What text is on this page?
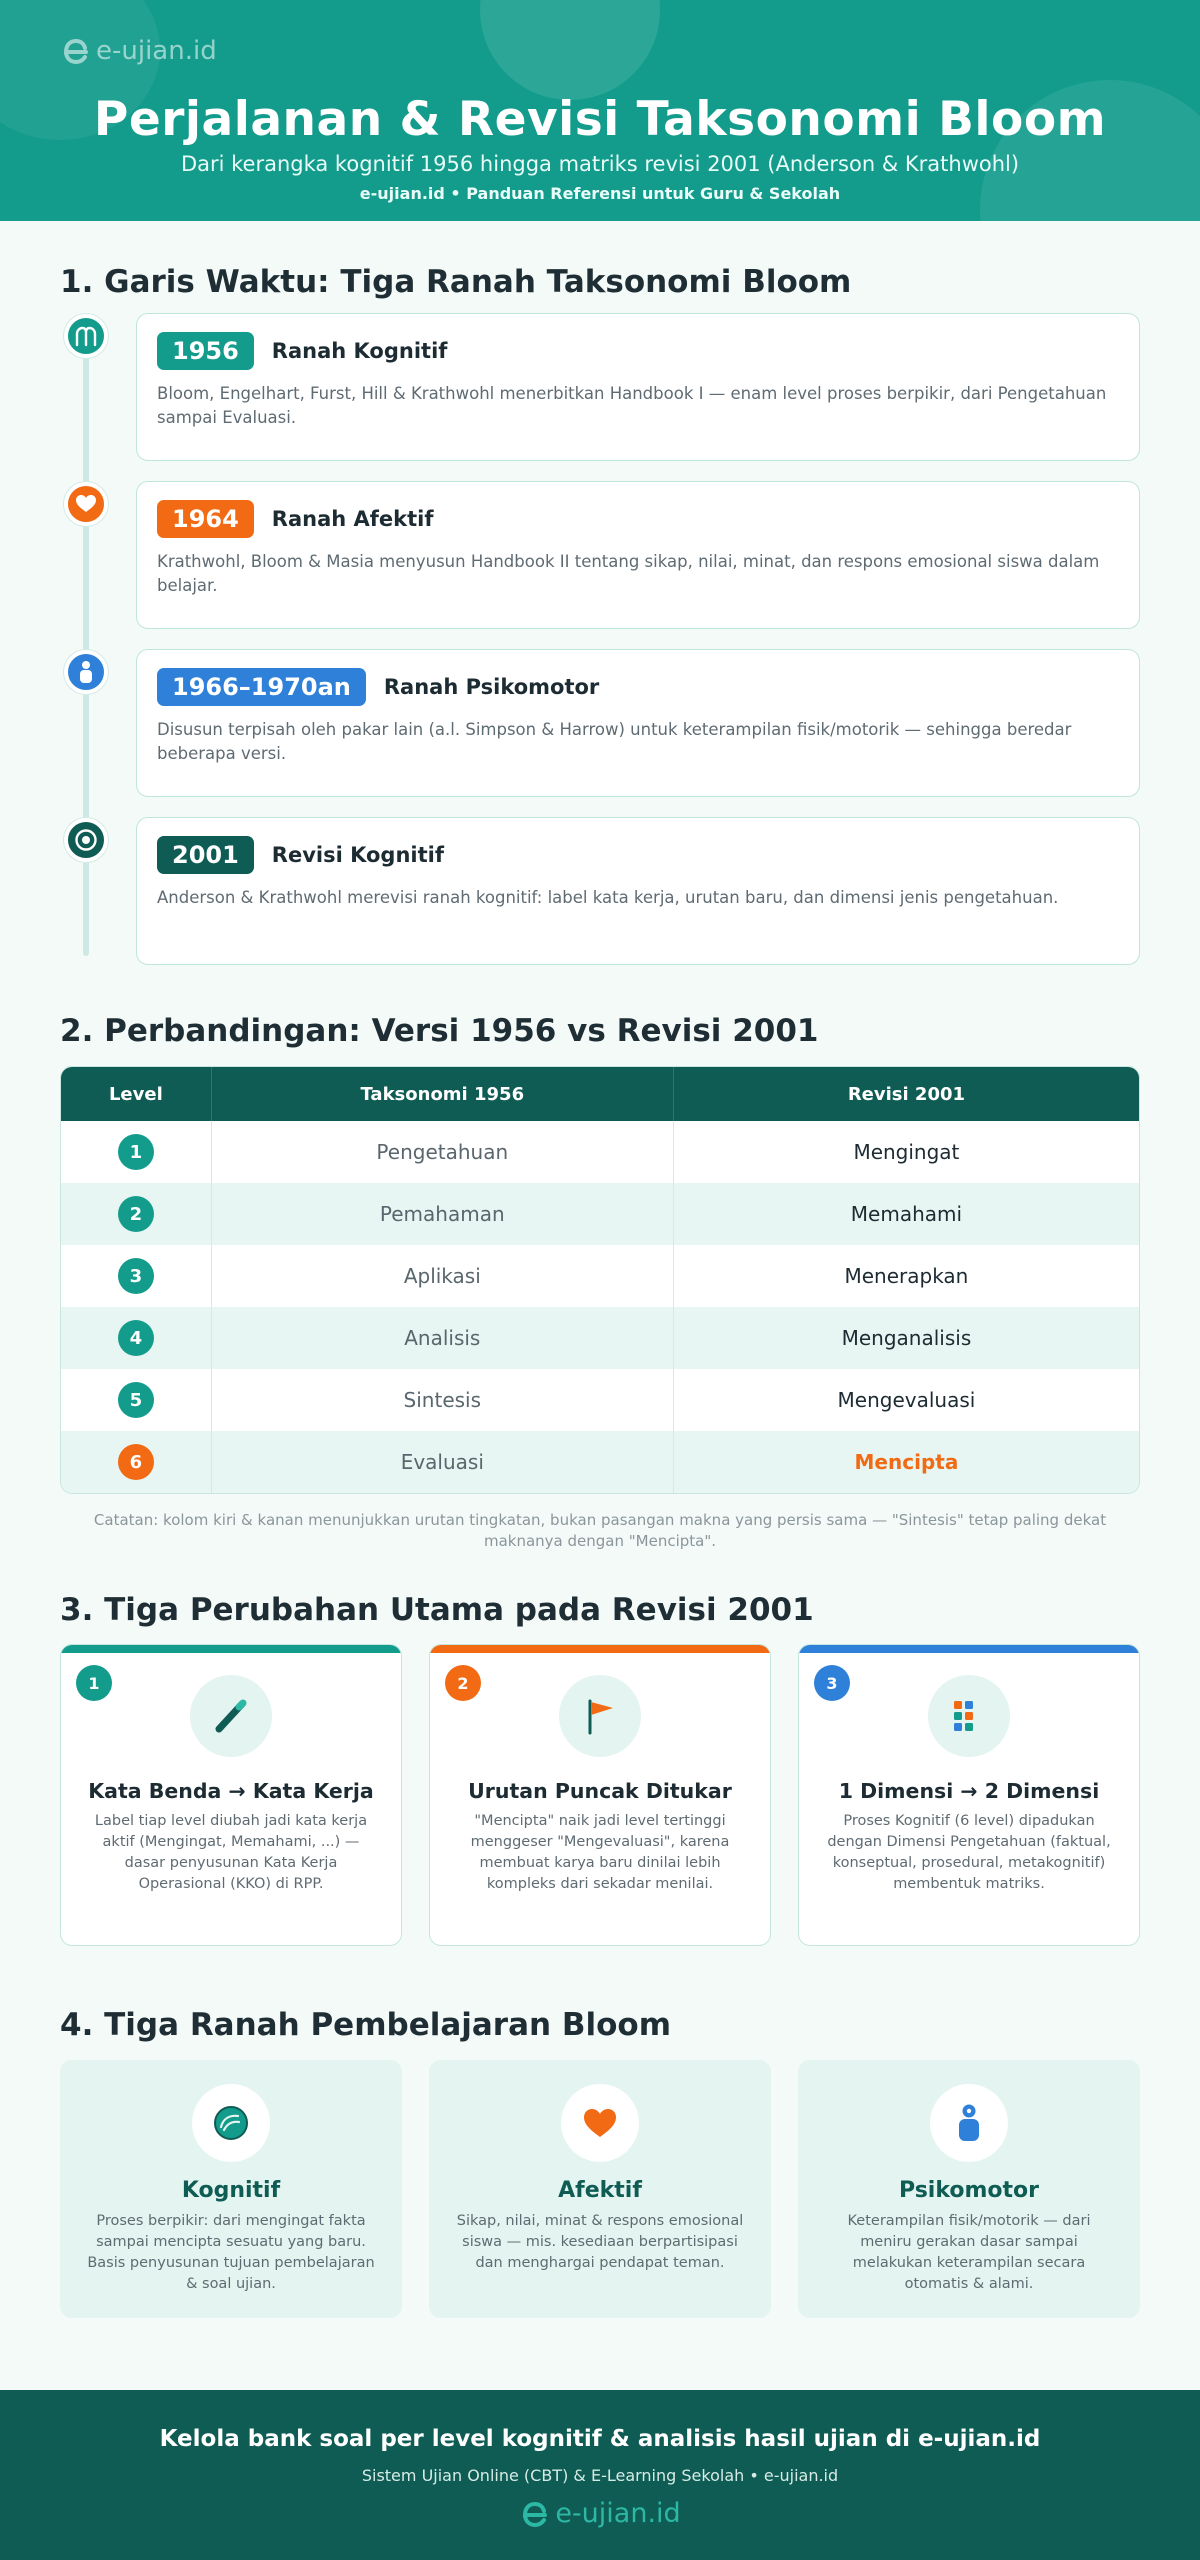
e-ujian.id
Perjalanan & Revisi Taksonomi Bloom
Dari kerangka kognitif 1956 hingga matriks revisi 2001 (Anderson & Krathwohl)
e-ujian.id • Panduan Referensi untuk Guru & Sekolah
1. Garis Waktu: Tiga Ranah Taksonomi Bloom
1956	Ranah Kognitif
Bloom, Engelhart, Furst, Hill & Krathwohl menerbitkan Handbook I — enam level proses berpikir, dari Pengetahuan sampai Evaluasi.
1964	Ranah Afektif
Krathwohl, Bloom & Masia menyusun Handbook II tentang sikap, nilai, minat, dan respons emosional siswa dalam belajar.
1966–1970an	Ranah Psikomotor
Disusun terpisah oleh pakar lain (a.l. Simpson & Harrow) untuk keterampilan fisik/motorik — sehingga beredar beberapa versi.
2001	Revisi Kognitif
Anderson & Krathwohl merevisi ranah kognitif: label kata kerja, urutan baru, dan dimensi jenis pengetahuan.
2. Perbandingan: Versi 1956 vs Revisi 2001
Level	Taksonomi 1956	Revisi 2001
1	Pengetahuan	Mengingat
2	Pemahaman	Memahami
3	Aplikasi	Menerapkan
4	Analisis	Menganalisis
5	Sintesis	Mengevaluasi
6	Evaluasi	Mencipta
Catatan: kolom kiri & kanan menunjukkan urutan tingkatan, bukan pasangan makna yang persis sama — "Sintesis" tetap paling dekat maknanya dengan "Mencipta".
3. Tiga Perubahan Utama pada Revisi 2001
1
Kata Benda → Kata Kerja
Label tiap level diubah jadi kata kerja aktif (Mengingat, Memahami, ...) — dasar penyusunan Kata Kerja Operasional (KKO) di RPP.
2
Urutan Puncak Ditukar
"Mencipta" naik jadi level tertinggi menggeser "Mengevaluasi", karena membuat karya baru dinilai lebih kompleks dari sekadar menilai.
3
1 Dimensi → 2 Dimensi
Proses Kognitif (6 level) dipadukan dengan Dimensi Pengetahuan (faktual, konseptual, prosedural, metakognitif) membentuk matriks.
4. Tiga Ranah Pembelajaran Bloom
Kognitif
Proses berpikir: dari mengingat fakta sampai mencipta sesuatu yang baru. Basis penyusunan tujuan pembelajaran & soal ujian.
Afektif
Sikap, nilai, minat & respons emosional siswa — mis. kesediaan berpartisipasi dan menghargai pendapat teman.
Psikomotor
Keterampilan fisik/motorik — dari meniru gerakan dasar sampai melakukan keterampilan secara otomatis & alami.
Kelola bank soal per level kognitif & analisis hasil ujian di e-ujian.id
Sistem Ujian Online (CBT) & E-Learning Sekolah • e-ujian.id
e-ujian.id
